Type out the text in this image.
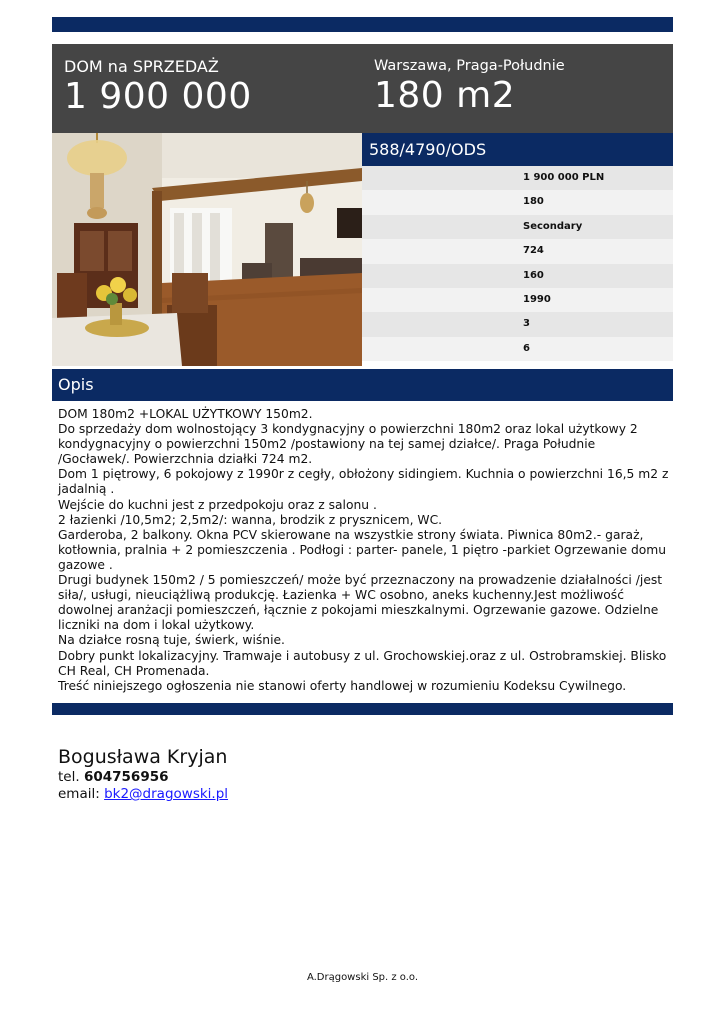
DOM na SPRZEDAŻ
1 900 000
Warszawa, Praga-Południe
180 m2
588/4790/ODS
1 900 000 PLN
180
Secondary
724
160
1990
3
6
Opis

DOM 180m2 +LOKAL UŻYTKOWY 150m2.

Do sprzedaży dom wolnostojący 3 kondygnacyjny o powierzchni 180m2 oraz lokal użytkowy 2 kondygnacyjny o powierzchni 150m2 /postawiony na tej samej działce/. Praga Południe /Gocławek/. Powierzchnia działki 724 m2.

Dom 1 piętrowy, 6 pokojowy z 1990r z cegły, obłożony sidingiem. Kuchnia o powierzchni 16,5 m2 z jadalnią .

Wejście do kuchni jest z przedpokoju oraz z salonu .

2 łazienki /10,5m2; 2,5m2/: wanna, brodzik z prysznicem, WC.

Garderoba, 2 balkony. Okna PCV skierowane na wszystkie strony świata. Piwnica 80m2.- garaż, kotłownia, pralnia + 2 pomieszczenia . Podłogi : parter- panele, 1 piętro -parkiet Ogrzewanie domu gazowe .

Drugi budynek 150m2 / 5 pomieszczeń/ może być przeznaczony na prowadzenie działalności /jest siła/, usługi, nieuciążliwą produkcję. Łazienka + WC osobno, aneks kuchenny.Jest możliwość dowolnej aranżacji pomieszczeń, łącznie z pokojami mieszkalnymi. Ogrzewanie gazowe. Odzielne liczniki na dom i lokal użytkowy.

Na działce rosną tuje, świerk, wiśnie.

Dobry punkt lokalizacyjny. Tramwaje i autobusy z ul. Grochowskiej.oraz z ul. Ostrobramskiej. Blisko CH Real, CH Promenada.

Treść niniejszego ogłoszenia nie stanowi oferty handlowej w rozumieniu Kodeksu Cywilnego.

Bogusława Kryjan
tel. 604756956
email: bk2@dragowski.pl
A.Drągowski Sp. z o.o.
